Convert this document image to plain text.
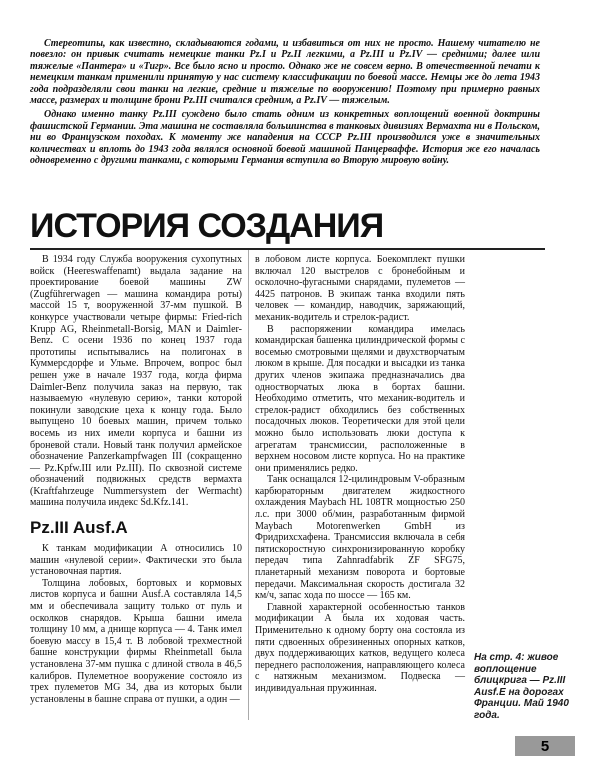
Стереотипы, как известно, складываются годами, и избавиться от них не просто. Нашему читателю не повезло: он привык считать немецкие танки Pz.I и Pz.II легкими, а Pz.III и Pz.IV — средними; далее шли тяжелые «Пантера» и «Тигр». Все было ясно и просто. Однако же не совсем верно. В отечественной печати к немецким танкам применили принятую у нас систему классификации по боевой массе. Немцы же до лета 1943 года подразделяли свои танки на легкие, средние и тяжелые по вооружению! Поэтому при примерно равных массе, размерах и толщине брони Pz.III считался средним, а Pz.IV — тяжелым.

Однако именно танку Pz.III суждено было стать одним из конкретных воплощений военной доктрины фашистской Германии. Эта машина не составляла большинства в танковых дивизиях Вермахта ни в Польском, ни во Французском походах. К моменту же нападения на СССР Pz.III производился уже в значительных количествах и вплоть до 1943 года являлся основной боевой машиной Панцерваффе. История же его началась одновременно с другими танками, с которыми Германия вступила во Вторую мировую войну.

ИСТОРИЯ СОЗДАНИЯ

В 1934 году Служба вооружения сухопутных войск (Heereswaffenamt) выдала задание на проектирование боевой машины ZW (Zugführerwagen — машина командира роты) массой 15 т, вооруженной 37-мм пушкой. В конкурсе участвовали четыре фирмы: Fried-rich Krupp AG, Rheinmetall-Borsig, MAN и Daimler-Benz. С осени 1936 по конец 1937 года прототипы испытывались на полигонах в Куммерсдорфе и Ульме. Впрочем, вопрос был решен уже в начале 1937 года, когда фирма Daimler-Benz получила заказ на первую, так называемую «нулевую серию», танки которой покинули заводские цеха к концу года. Было выпущено 10 боевых машин, причем только восемь из них имели корпуса и башни из броневой стали. Новый танк получил армейское обозначение Panzerkampfwagen III (сокращенно — Pz.Kpfw.III или Pz.III). По сквозной системе обозначений подвижных средств вермахта (Kraftfahrzeuge Nummersystem der Wermacht) машина получила индекс Sd.Kfz.141.

Pz.III Ausf.A

К танкам модификации А относились 10 машин «нулевой серии». Фактически это была установочная партия.

Толщина лобовых, бортовых и кормовых листов корпуса и башни Ausf.A составляла 14,5 мм и обеспечивала защиту только от пуль и осколков снарядов. Крыша башни имела толщину 10 мм, а днище корпуса — 4. Танк имел боевую массу в 15,4 т. В лобовой трехместной башне конструкции фирмы Rheinmetall была установлена 37-мм пушка с длиной ствола в 46,5 калибров. Пулеметное вооружение состояло из трех пулеметов MG 34, два из которых были установлены в башне справа от пушки, а один —

в лобовом листе корпуса. Боекомплект пушки включал 120 выстрелов с бронебойным и осколочно-фугасными снарядами, пулеметов — 4425 патронов. В экипаж танка входили пять человек — командир, наводчик, заряжающий, механик-водитель и стрелок-радист.

В распоряжении командира имелась командирская башенка цилиндрической формы с восемью смотровыми щелями и двухстворчатым люком в крыше. Для посадки и высадки из танка других членов экипажа предназначались два одностворчатых люка в бортах башни. Необходимо отметить, что механик-водитель и стрелок-радист обходились без собственных посадочных люков. Теоретически для этой цели можно было использовать люки доступа к агрегатам трансмиссии, расположенные в верхнем носовом листе корпуса. Но на практике они применялись редко.

Танк оснащался 12-цилиндровым V-образным карбюраторным двигателем жидкостного охлаждения Maybach HL 108TR мощностью 250 л.с. при 3000 об/мин, разработанным фирмой Maybach Motorenwerken GmbH из Фридрихсхафена. Трансмиссия включала в себя пятискоростную синхронизированную коробку передач типа Zahnradfabrik ZF SFG75, планетарный механизм поворота и бортовые передачи. Максимальная скорость достигала 32 км/ч, запас хода по шоссе — 165 км.

Главной характерной особенностью танков модификации А была их ходовая часть. Применительно к одному борту она состояла из пяти сдвоенных обрезиненных опорных катков, двух поддерживающих катков, ведущего колеса переднего расположения, направляющего колеса с натяжным механизмом. Подвеска — индивидуальная пружинная.

На стр. 4: живое воплощение блицкрига — Pz.III Ausf.E на дорогах Франции. Май 1940 года.
5
